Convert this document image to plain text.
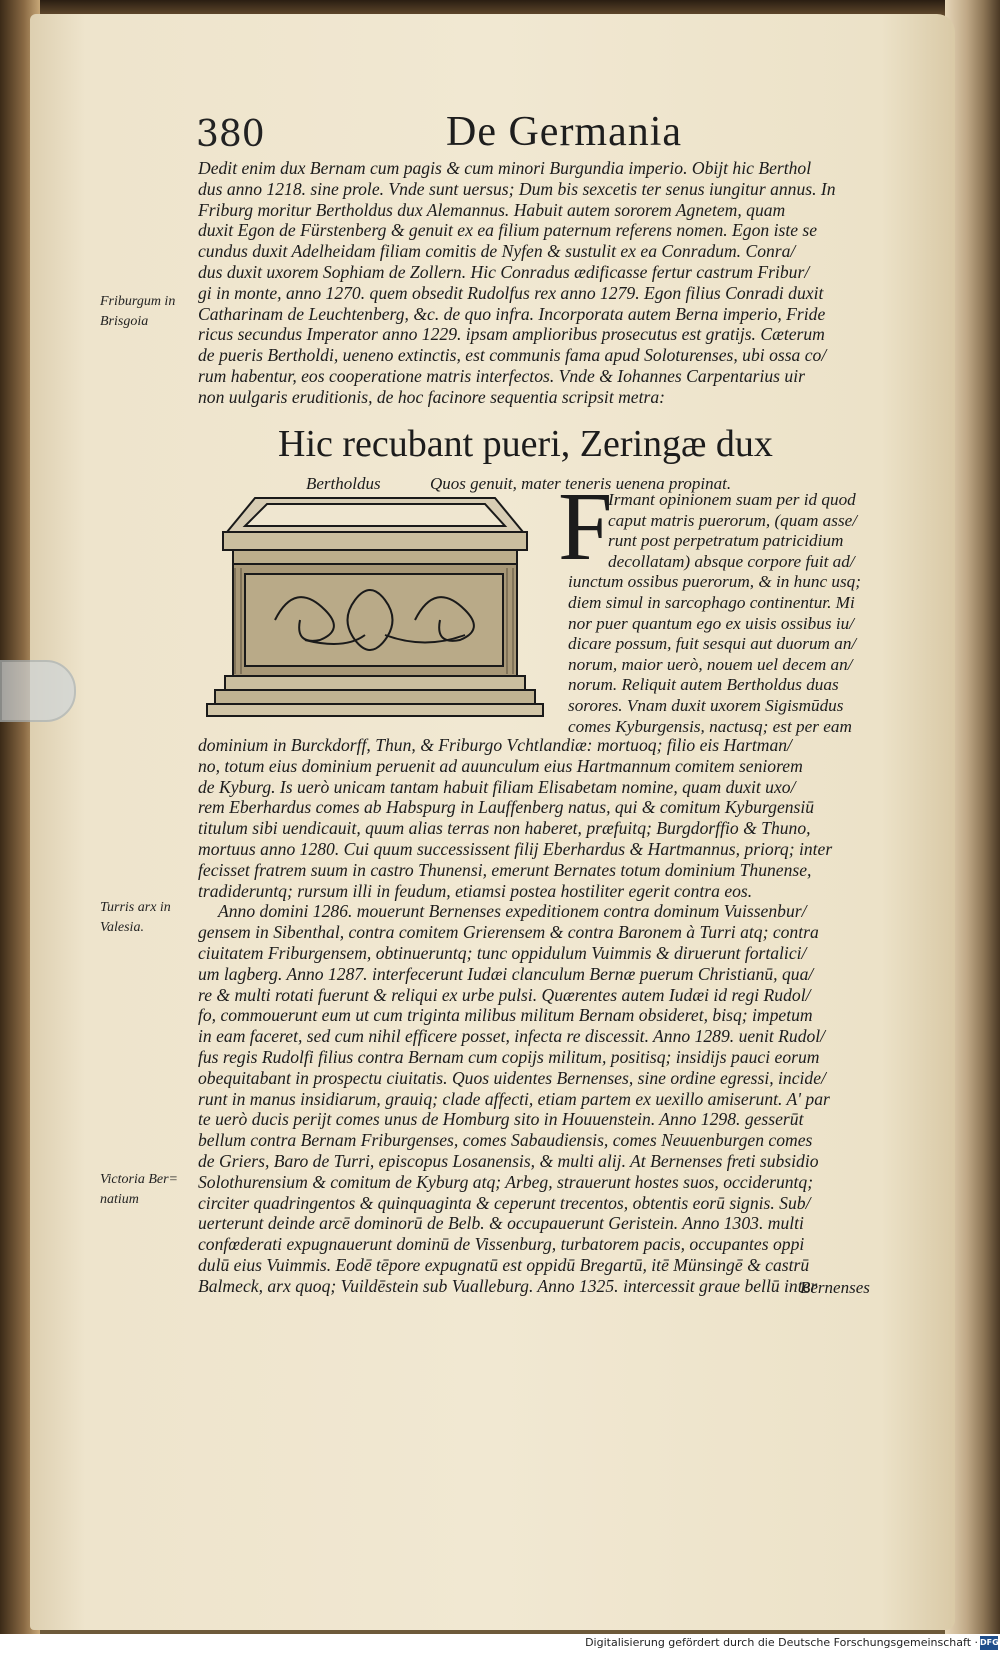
380	De Germania
Dedit enim dux Bernam cum pagis & cum minori Burgundia imperio. Obijt hic Berthol
dus anno 1218. sine prole. Vnde sunt uersus; Dum bis sexcetis ter senus iungitur annus. In
Friburg moritur Bertholdus dux Alemannus. Habuit autem sororem Agnetem, quam
duxit Egon de Fürstenberg & genuit ex ea filium paternum referens nomen. Egon iste se
cundus duxit Adelheidam filiam comitis de Nyfen & sustulit ex ea Conradum. Conra/
dus duxit uxorem Sophiam de Zollern. Hic Conradus ædificasse fertur castrum Fribur/
gi in monte, anno 1270. quem obsedit Rudolfus rex anno 1279. Egon filius Conradi duxit
Catharinam de Leuchtenberg, &c. de quo infra. Incorporata autem Berna imperio, Fride
ricus secundus Imperator anno 1229. ipsam amplioribus prosecutus est gratijs. Cæterum
de pueris Bertholdi, ueneno extinctis, est communis fama apud Soloturenses, ubi ossa co/
rum habentur, eos cooperatione matris interfectos. Vnde & Iohannes Carpentarius uir
non uulgaris eruditionis, de hoc facinore sequentia scripsit metra:
Friburgum in
Brisgoia
Hic recubant pueri, Zeringæ dux
Bertholdus	Quos genuit, mater teneris uenena propinat.
F
Irmant opinionem suam per id quod
caput matris puerorum, (quam asse/
runt post perpetratum patricidium
decollatam) absque corpore fuit ad/
iunctum ossibus puerorum, & in hunc usq;
diem simul in sarcophago continentur. Mi
nor puer quantum ego ex uisis ossibus iu/
dicare possum, fuit sesqui aut duorum an/
norum, maior uerò, nouem uel decem an/
norum. Reliquit autem Bertholdus duas
sorores. Vnam duxit uxorem Sigismūdus
comes Kyburgensis, nactusq; est per eam
dominium in Burckdorff, Thun, & Friburgo Vchtlandiæ: mortuoq; filio eis Hartman/
no, totum eius dominium peruenit ad auunculum eius Hartmannum comitem seniorem
de Kyburg. Is uerò unicam tantam habuit filiam Elisabetam nomine, quam duxit uxo/
rem Eberhardus comes ab Habspurg in Lauffenberg natus, qui & comitum Kyburgensiū
titulum sibi uendicauit, quum alias terras non haberet, præfuitq; Burgdorffio & Thuno,
mortuus anno 1280. Cui quum successissent filij Eberhardus & Hartmannus, priorq; inter
fecisset fratrem suum in castro Thunensi, emerunt Bernates totum dominium Thunense,
tradideruntq; rursum illi in feudum, etiamsi postea hostiliter egerit contra eos.
Anno domini 1286. mouerunt Bernenses expeditionem contra dominum Vuissenbur/
gensem in Sibenthal, contra comitem Grierensem & contra Baronem à Turri atq; contra
ciuitatem Friburgensem, obtinueruntq; tunc oppidulum Vuimmis & diruerunt fortalici/
um lagberg. Anno 1287. interfecerunt Iudæi clanculum Bernæ puerum Christianū, qua/
re & multi rotati fuerunt & reliqui ex urbe pulsi. Quærentes autem Iudæi id regi Rudol/
fo, commouerunt eum ut cum triginta milibus militum Bernam obsideret, bisq; impetum
in eam faceret, sed cum nihil efficere posset, infecta re discessit. Anno 1289. uenit Rudol/
fus regis Rudolfi filius contra Bernam cum copijs militum, positisq; insidijs pauci eorum
obequitabant in prospectu ciuitatis. Quos uidentes Bernenses, sine ordine egressi, incide/
runt in manus insidiarum, grauiq; clade affecti, etiam partem ex uexillo amiserunt. A' par
te uerò ducis perijt comes unus de Homburg sito in Houuenstein. Anno 1298. gesserūt
bellum contra Bernam Friburgenses, comes Sabaudiensis, comes Neuuenburgen comes
de Griers, Baro de Turri, episcopus Losanensis, & multi alij. At Bernenses freti subsidio
Solothurensium & comitum de Kyburg atq; Arbeg, strauerunt hostes suos, occideruntq;
circiter quadringentos & quinquaginta & ceperunt trecentos, obtentis eorū signis. Sub/
uerterunt deinde arcē dominorū de Belb. & occupauerunt Geristein. Anno 1303. multi
confœderati expugnauerunt dominū de Vissenburg, turbatorem pacis, occupantes oppi
dulū eius Vuimmis. Eodē tēpore expugnatū est oppidū Bregartū, itē Münsingē & castrū
Balmeck, arx quoq; Vuildēstein sub Vualleburg. Anno 1325. intercessit graue bellū inter
Turris arx in
Valesia.
Victoria Ber=
natium
Bernenses
Digitalisierung gefördert durch die Deutsche Forschungsgemeinschaft · DFG
